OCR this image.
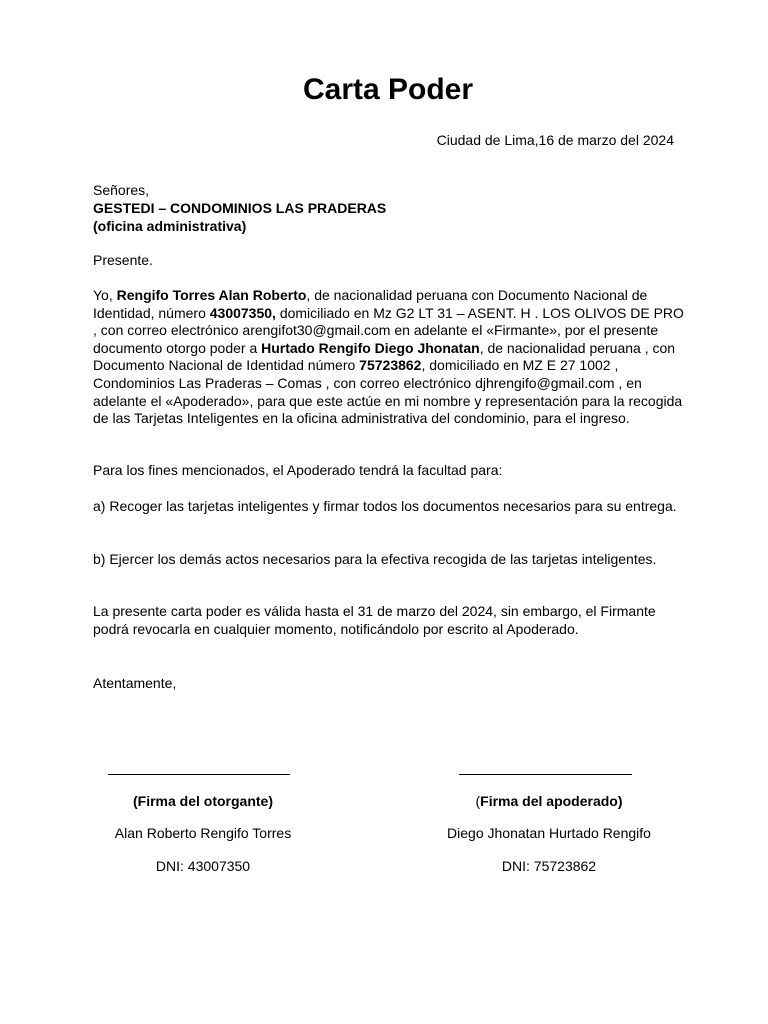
Carta Poder
Ciudad de Lima,16 de marzo del 2024
Señores,
GESTEDI – CONDOMINIOS LAS PRADERAS
(oficina administrativa)

Presente.

Yo, Rengifo Torres Alan Roberto, de nacionalidad peruana con Documento Nacional de Identidad, número 43007350, domiciliado en Mz G2 LT 31 – ASENT. H . LOS OLIVOS DE PRO , con correo electrónico arengifot30@gmail.com en adelante el «Firmante», por el presente documento otorgo poder a Hurtado Rengifo Diego Jhonatan, de nacionalidad peruana , con Documento Nacional de Identidad número 75723862, domiciliado en MZ E 27 1002 , Condominios Las Praderas – Comas , con correo electrónico djhrengifo@gmail.com , en adelante el «Apoderado», para que este actúe en mi nombre y representación para la recogida de las Tarjetas Inteligentes en la oficina administrativa del condominio, para el ingreso.

Para los fines mencionados, el Apoderado tendrá la facultad para:

a) Recoger las tarjetas inteligentes y firmar todos los documentos necesarios para su entrega.

b) Ejercer los demás actos necesarios para la efectiva recogida de las tarjetas inteligentes.

La presente carta poder es válida hasta el 31 de marzo del 2024, sin embargo, el Firmante podrá revocarla en cualquier momento, notificándolo por escrito al Apoderado.

Atentamente,

(Firma del otorgante)
Alan Roberto Rengifo Torres
DNI: 43007350
(Firma del apoderado)
Diego Jhonatan Hurtado Rengifo
DNI: 75723862
